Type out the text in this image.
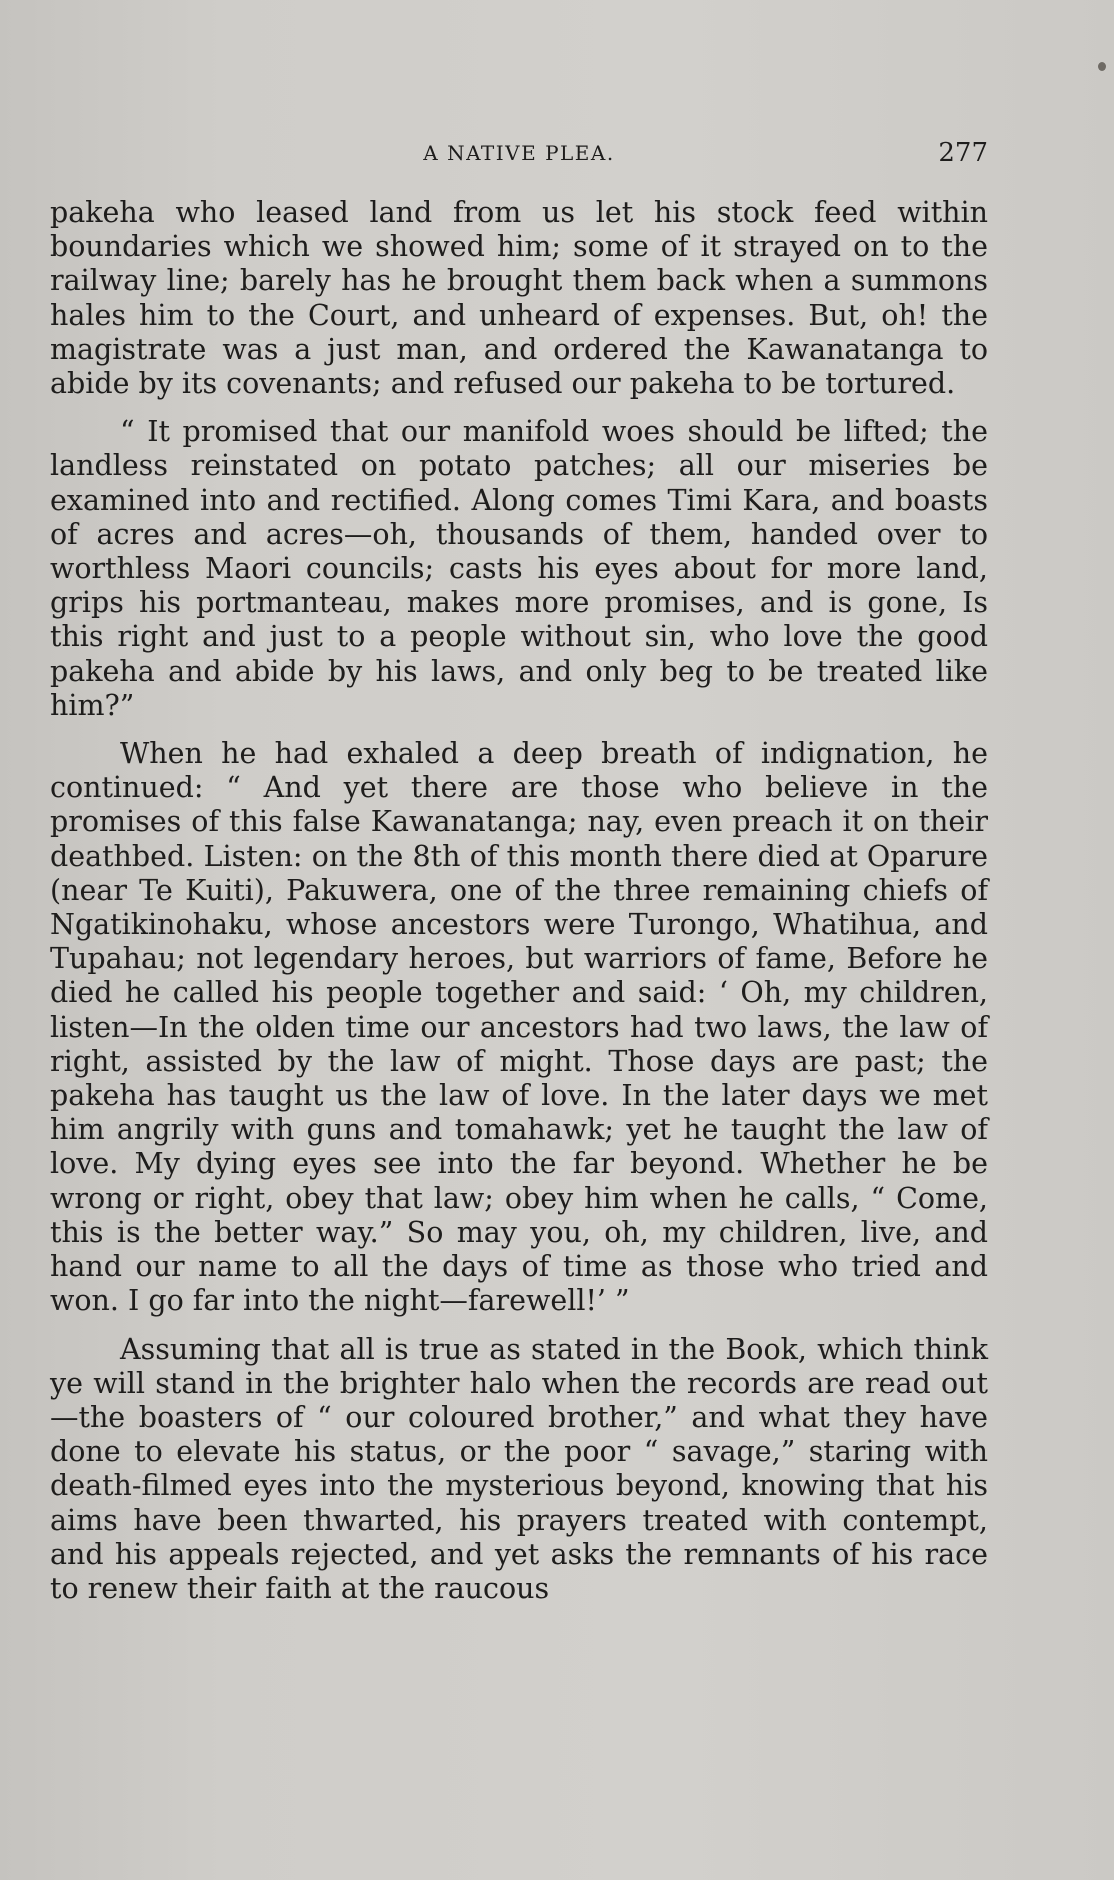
A NATIVE PLEA.	277

pakeha who leased land from us let his stock feed within boundaries which we showed him; some of it strayed on to the railway line; barely has he brought them back when a summons hales him to the Court, and unheard of expenses. But, oh! the magistrate was a just man, and ordered the Kawanatanga to abide by its covenants; and refused our pakeha to be tortured.

“ It promised that our manifold woes should be lifted; the landless reinstated on potato patches; all our miseries be examined into and rectified. Along comes Timi Kara, and boasts of acres and acres—oh, thousands of them, handed over to worthless Maori councils; casts his eyes about for more land, grips his portmanteau, makes more promises, and is gone, Is this right and just to a people without sin, who love the good pakeha and abide by his laws, and only beg to be treated like him?”

When he had exhaled a deep breath of indignation, he continued: “ And yet there are those who believe in the promises of this false Kawanatanga; nay, even preach it on their deathbed. Listen: on the 8th of this month there died at Oparure (near Te Kuiti), Pakuwera, one of the three remaining chiefs of Ngatikinohaku, whose ancestors were Turongo, Whatihua, and Tupahau; not legendary heroes, but warriors of fame, Before he died he called his people together and said: ‘ Oh, my children, listen—In the olden time our ancestors had two laws, the law of right, assisted by the law of might. Those days are past; the pakeha has taught us the law of love. In the later days we met him angrily with guns and tomahawk; yet he taught the law of love. My dying eyes see into the far beyond. Whether he be wrong or right, obey that law; obey him when he calls, “ Come, this is the better way.” So may you, oh, my children, live, and hand our name to all the days of time as those who tried and won. I go far into the night—farewell!’ ”

Assuming that all is true as stated in the Book, which think ye will stand in the brighter halo when the records are read out—the boasters of “ our coloured brother,” and what they have done to elevate his status, or the poor “ savage,” staring with death-filmed eyes into the mysterious beyond, knowing that his aims have been thwarted, his prayers treated with contempt, and his appeals rejected, and yet asks the remnants of his race to renew their faith at the raucous
